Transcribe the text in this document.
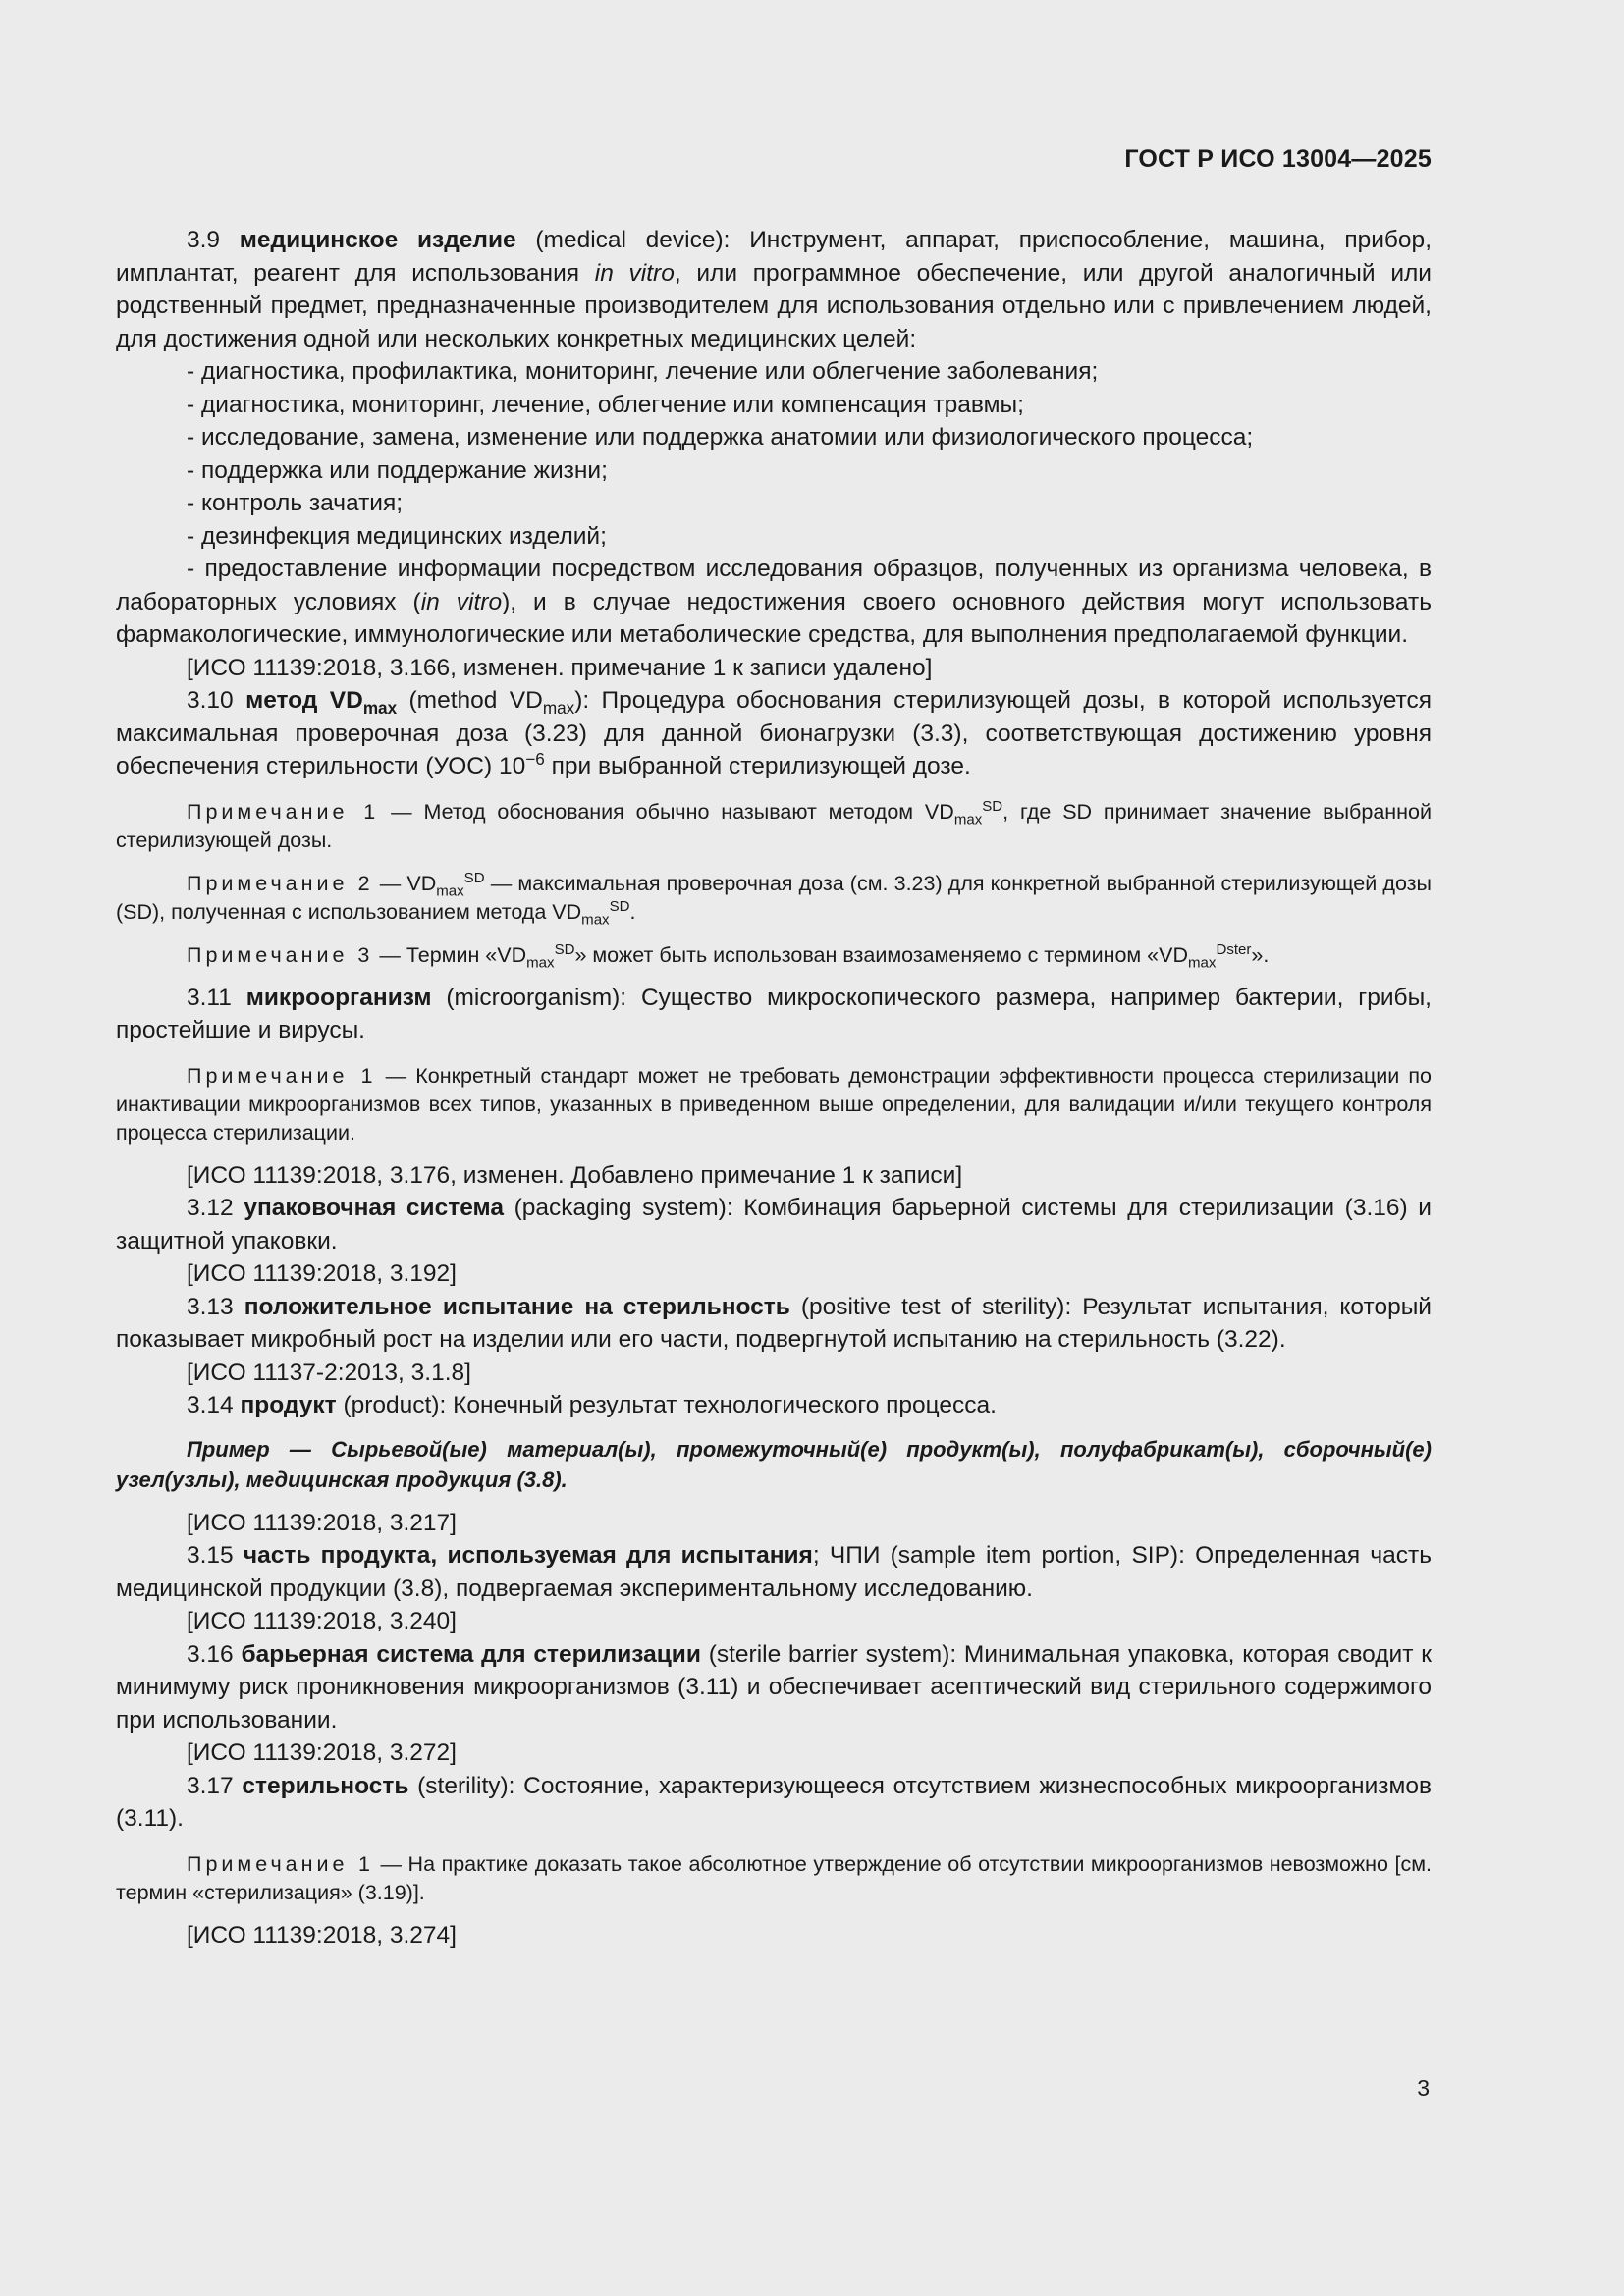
ГОСТ Р ИСО 13004—2025

3.9 медицинское изделие (medical device): Инструмент, аппарат, приспособление, машина, прибор, имплантат, реагент для использования in vitro, или программное обеспечение, или другой аналогичный или родственный предмет, предназначенные производителем для использования отдельно или с привлечением людей, для достижения одной или нескольких конкретных медицинских целей:

- диагностика, профилактика, мониторинг, лечение или облегчение заболевания;

- диагностика, мониторинг, лечение, облегчение или компенсация травмы;

- исследование, замена, изменение или поддержка анатомии или физиологического процесса;

- поддержка или поддержание жизни;

- контроль зачатия;

- дезинфекция медицинских изделий;

- предоставление информации посредством исследования образцов, полученных из организма человека, в лабораторных условиях (in vitro), и в случае недостижения своего основного действия могут использовать фармакологические, иммунологические или метаболические средства, для выполнения предполагаемой функции.

[ИСО 11139:2018, 3.166, изменен. примечание 1 к записи удалено]

3.10 метод $VD_{max}$ (method $VD_{max}$): Процедура обоснования стерилизующей дозы, в которой используется максимальная проверочная доза (3.23) для данной бионагрузки (3.3), соответствующая достижению уровня обеспечения стерильности (УОС) $10^{-6}$ при выбранной стерилизующей дозе.

Примечание 1 — Метод обоснования обычно называют методом $VD_{max}^{SD}$, где SD принимает значение выбранной стерилизующей дозы.

Примечание 2 — $VD_{max}^{SD}$ — максимальная проверочная доза (см. 3.23) для конкретной выбранной стерилизующей дозы (SD), полученная с использованием метода $VD_{max}^{SD}$.

Примечание 3 — Термин «$VD_{max}^{SD}$» может быть использован взаимозаменяемо с термином «$VD_{max}^{Dster}$».

3.11 микроорганизм (microorganism): Существо микроскопического размера, например бактерии, грибы, простейшие и вирусы.

Примечание 1 — Конкретный стандарт может не требовать демонстрации эффективности процесса стерилизации по инактивации микроорганизмов всех типов, указанных в приведенном выше определении, для валидации и/или текущего контроля процесса стерилизации.

[ИСО 11139:2018, 3.176, изменен. Добавлено примечание 1 к записи]

3.12 упаковочная система (packaging system): Комбинация барьерной системы для стерилизации (3.16) и защитной упаковки.

[ИСО 11139:2018, 3.192]

3.13 положительное испытание на стерильность (positive test of sterility): Результат испытания, который показывает микробный рост на изделии или его части, подвергнутой испытанию на стерильность (3.22).

[ИСО 11137-2:2013, 3.1.8]

3.14 продукт (product): Конечный результат технологического процесса.

Пример — Сырьевой(ые) материал(ы), промежуточный(е) продукт(ы), полуфабрикат(ы), сборочный(е) узел(узлы), медицинская продукция (3.8).

[ИСО 11139:2018, 3.217]

3.15 часть продукта, используемая для испытания; ЧПИ (sample item portion, SIP): Определенная часть медицинской продукции (3.8), подвергаемая экспериментальному исследованию.

[ИСО 11139:2018, 3.240]

3.16 барьерная система для стерилизации (sterile barrier system): Минимальная упаковка, которая сводит к минимуму риск проникновения микроорганизмов (3.11) и обеспечивает асептический вид стерильного содержимого при использовании.

[ИСО 11139:2018, 3.272]

3.17 стерильность (sterility): Состояние, характеризующееся отсутствием жизнеспособных микроорганизмов (3.11).

Примечание 1 — На практике доказать такое абсолютное утверждение об отсутствии микроорганизмов невозможно [см. термин «стерилизация» (3.19)].

[ИСО 11139:2018, 3.274]

3
